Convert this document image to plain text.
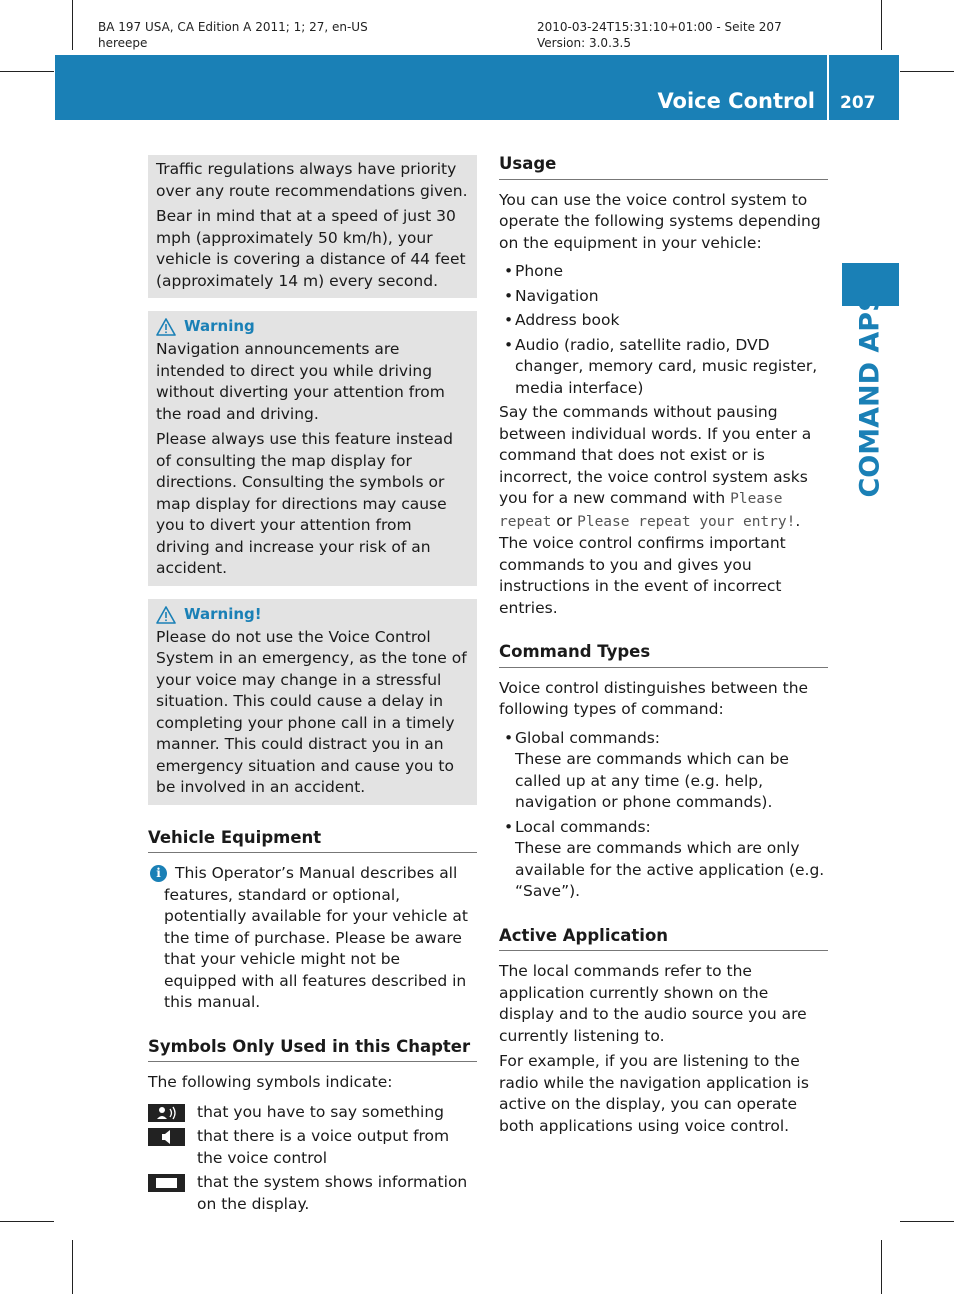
BA 197 USA, CA Edition A 2011; 1; 27, en-US
hereepe
2010-03-24T15:31:10+01:00 - Seite 207
Version: 3.0.3.5
Voice Control 207
COMAND APS

Traffic regulations always have priority over any route recommendations given.

Bear in mind that at a speed of just 30 mph (approximately 50 km/h), your vehicle is covering a distance of 44 feet (approximately 14 m) every second.

Warning

Navigation announcements are intended to direct you while driving without diverting your attention from the road and driving.

Please always use this feature instead of consulting the map display for directions. Consulting the symbols or map display for directions may cause you to divert your attention from driving and increase your risk of an accident.

Warning!

Please do not use the Voice Control System in an emergency, as the tone of your voice may change in a stressful situation. This could cause a delay in completing your phone call in a timely manner. This could distract you in an emergency situation and cause you to be involved in an accident.

Vehicle Equipment
i This Operator’s Manual describes all features, standard or optional, potentially available for your vehicle at the time of purchase. Please be aware that your vehicle might not be equipped with all features described in this manual.
Symbols Only Used in this Chapter

The following symbols indicate:

that you have to say something
that there is a voice output from the voice control
that the system shows information on the display.
Usage

You can use the voice control system to operate the following systems depending on the equipment in your vehicle:

• Phone
• Navigation
• Address book
• Audio (radio, satellite radio, DVD changer, memory card, music register, media interface)

Say the commands without pausing between individual words. If you enter a command that does not exist or is incorrect, the voice control system asks you for a new command with Please repeat or Please repeat your entry!. The voice control confirms important commands to you and gives you instructions in the event of incorrect entries.

Command Types

Voice control distinguishes between the following types of command:

• Global commands:
These are commands which can be called up at any time (e.g. help, navigation or phone commands).
• Local commands:
These are commands which are only available for the active application (e.g. “Save”).
Active Application

The local commands refer to the application currently shown on the display and to the audio source you are currently listening to.

For example, if you are listening to the radio while the navigation application is active on the display, you can operate both applications using voice control.
